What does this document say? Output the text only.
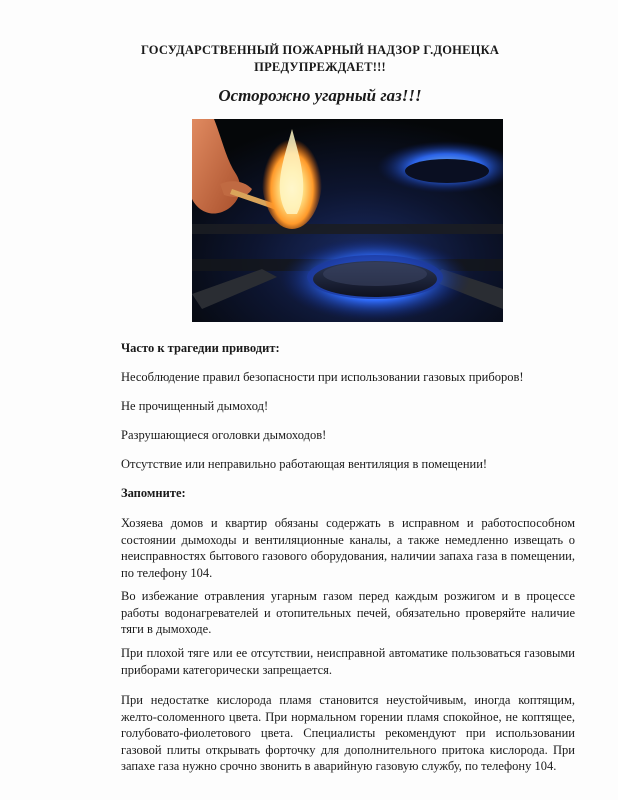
ГОСУДАРСТВЕННЫЙ ПОЖАРНЫЙ НАДЗОР Г.ДОНЕЦКА
ПРЕДУПРЕЖДАЕТ!!!
Осторожно угарный газ!!!
Часто к трагедии приводит:
Несоблюдение правил безопасности при использовании газовых приборов!
Не прочищенный дымоход!
Разрушающиеся оголовки дымоходов!
Отсутствие или неправильно работающая вентиляция в помещении!
Запомните:
Хозяева домов и квартир обязаны содержать в исправном и работоспособном состоянии дымоходы и вентиляционные каналы, а также немедленно извещать о неисправностях бытового газового оборудования, наличии запаха газа в помещении, по телефону 104.
Во избежание отравления угарным газом перед каждым розжигом и в процессе работы водонагревателей и отопительных печей, обязательно проверяйте наличие тяги в дымоходе.
При плохой тяге или ее отсутствии, неисправной автоматике пользоваться газовыми приборами категорически запрещается.
При недостатке кислорода пламя становится неустойчивым, иногда коптящим, желто-соломенного цвета. При нормальном горении пламя спокойное, не коптящее, голубовато-фиолетового цвета. Специалисты рекомендуют при использовании газовой плиты открывать форточку для дополнительного притока кислорода. При запахе газа нужно срочно звонить в аварийную газовую службу, по телефону 104.
